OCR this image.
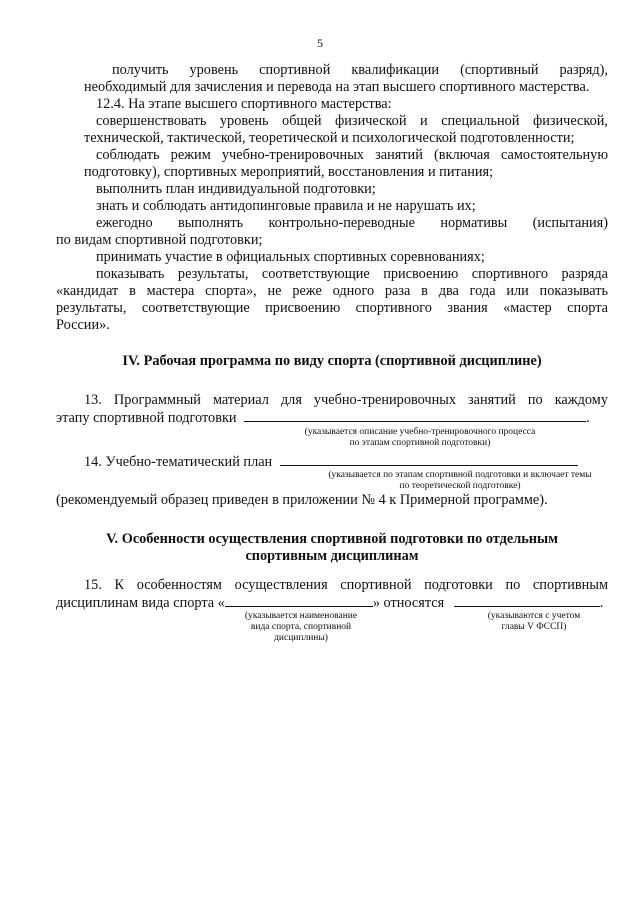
5

получить уровень спортивной квалификации (спортивный разряд),

необходимый для зачисления и перевода на этап высшего спортивного мастерства.

12.4. На этапе высшего спортивного мастерства:

совершенствовать уровень общей физической и специальной физической,

технической, тактической, теоретической и психологической подготовленности;

соблюдать режим учебно-тренировочных занятий (включая самостоятельную

подготовку), спортивных мероприятий, восстановления и питания;

выполнить план индивидуальной подготовки;

знать и соблюдать антидопинговые правила и не нарушать их;

ежегодно выполнять контрольно-переводные нормативы (испытания)

по видам спортивной подготовки;

принимать участие в официальных спортивных соревнованиях;

показывать результаты, соответствующие присвоению спортивного разряда

«кандидат в мастера спорта», не реже одного раза в два года или показывать

результаты, соответствующие присвоению спортивного звания «мастер спорта

России».

IV. Рабочая программа по виду спорта (спортивной дисциплине)

13. Программный материал для учебно-тренировочных занятий по каждому

этапу спортивной подготовки	.
(указывается описание учебно-тренировочного процесса
по этапам спортивной подготовки)
14. Учебно-тематический план
(указывается по этапам спортивной подготовки и включает темы
по теоретической подготовке)

(рекомендуемый образец приведен в приложении № 4 к Примерной программе).

V. Особенности осуществления спортивной подготовки по отдельным
спортивным дисциплинам

15. К особенностям осуществления спортивной подготовки по спортивным

дисциплинам вида спорта «	» относятся	.
(указывается наименование
вида спорта, спортивной
дисциплины)
(указываются с учетом
главы V ФССП)
